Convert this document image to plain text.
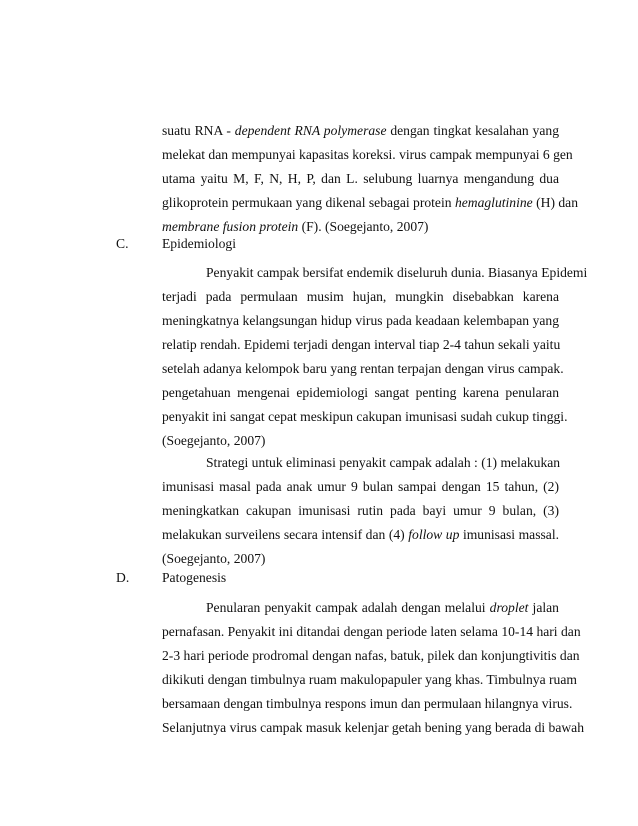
suatu RNA - dependent RNA polymerase dengan tingkat kesalahan yang
melekat dan mempunyai kapasitas koreksi. virus campak mempunyai 6 gen
utama yaitu M, F, N, H, P, dan L. selubung luarnya mengandung dua
glikoprotein permukaan yang dikenal sebagai protein hemaglutinine (H) dan
membrane fusion protein (F). (Soegejanto, 2007)
C. Epidemiologi
Penyakit campak bersifat endemik diseluruh dunia. Biasanya Epidemi
terjadi pada permulaan musim hujan, mungkin disebabkan karena
meningkatnya kelangsungan hidup virus pada keadaan kelembapan yang
relatip rendah. Epidemi terjadi dengan interval tiap 2-4 tahun sekali yaitu
setelah adanya kelompok baru yang rentan terpajan dengan virus campak.
pengetahuan mengenai epidemiologi sangat penting karena penularan
penyakit ini sangat cepat meskipun cakupan imunisasi sudah cukup tinggi.
(Soegejanto, 2007)
Strategi untuk eliminasi penyakit campak adalah : (1) melakukan
imunisasi masal pada anak umur 9 bulan sampai dengan 15 tahun, (2)
meningkatkan cakupan imunisasi rutin pada bayi umur 9 bulan, (3)
melakukan surveilens secara intensif dan (4) follow up imunisasi massal.
(Soegejanto, 2007)
D. Patogenesis
Penularan penyakit campak adalah dengan melalui droplet jalan
pernafasan. Penyakit ini ditandai dengan periode laten selama 10-14 hari dan
2-3 hari periode prodromal dengan nafas, batuk, pilek dan konjungtivitis dan
dikikuti dengan timbulnya ruam makulopapuler yang khas. Timbulnya ruam
bersamaan dengan timbulnya respons imun dan permulaan hilangnya virus.
Selanjutnya virus campak masuk kelenjar getah bening yang berada di bawah
